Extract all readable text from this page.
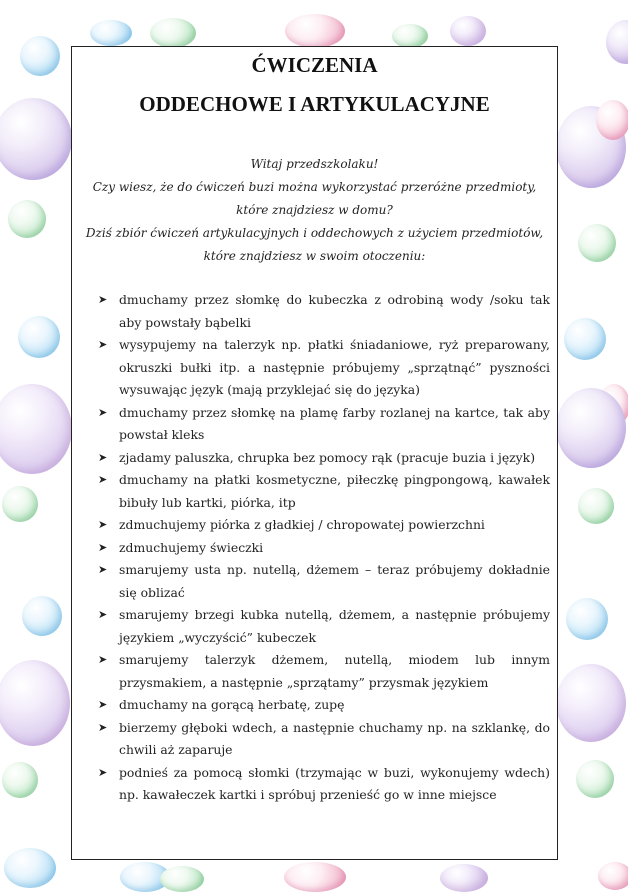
ĆWICZENIA
ODDECHOWE I ARTYKULACYJNE
Witaj przedszkolaku!
Czy wiesz, że do ćwiczeń buzi można wykorzystać przeróżne przedmioty,
które znajdziesz w domu?
Dziś zbiór ćwiczeń artykulacyjnych i oddechowych z użyciem przedmiotów,
które znajdziesz w swoim otoczeniu:
➤ dmuchamy przez słomkę do kubeczka z odrobiną wody /soku tak aby powstały bąbelki
➤ wysypujemy na talerzyk np. płatki śniadaniowe, ryż preparowany, okruszki bułki itp. a następnie próbujemy „sprzątnąć” pyszności wysuwając język (mają przyklejać się do języka)
➤ dmuchamy przez słomkę na plamę farby rozlanej na kartce, tak aby powstał kleks
➤ zjadamy paluszka, chrupka bez pomocy rąk (pracuje buzia i język)
➤ dmuchamy na płatki kosmetyczne, piłeczkę pingpongową, kawałek bibuły lub kartki, piórka, itp
➤ zdmuchujemy piórka z gładkiej / chropowatej powierzchni
➤ zdmuchujemy świeczki
➤ smarujemy usta np. nutellą, dżemem – teraz próbujemy dokładnie się oblizać
➤ smarujemy brzegi kubka nutellą, dżemem, a następnie próbujemy językiem „wyczyścić” kubeczek
➤ smarujemy talerzyk dżemem, nutellą, miodem lub innym przysmakiem, a następnie „sprzątamy” przysmak językiem
➤ dmuchamy na gorącą herbatę, zupę
➤ bierzemy głęboki wdech, a następnie chuchamy np. na szklankę, do chwili aż zaparuje
➤ podnieś za pomocą słomki (trzymając w buzi, wykonujemy wdech) np. kawałeczek kartki i spróbuj przenieść go w inne miejsce
